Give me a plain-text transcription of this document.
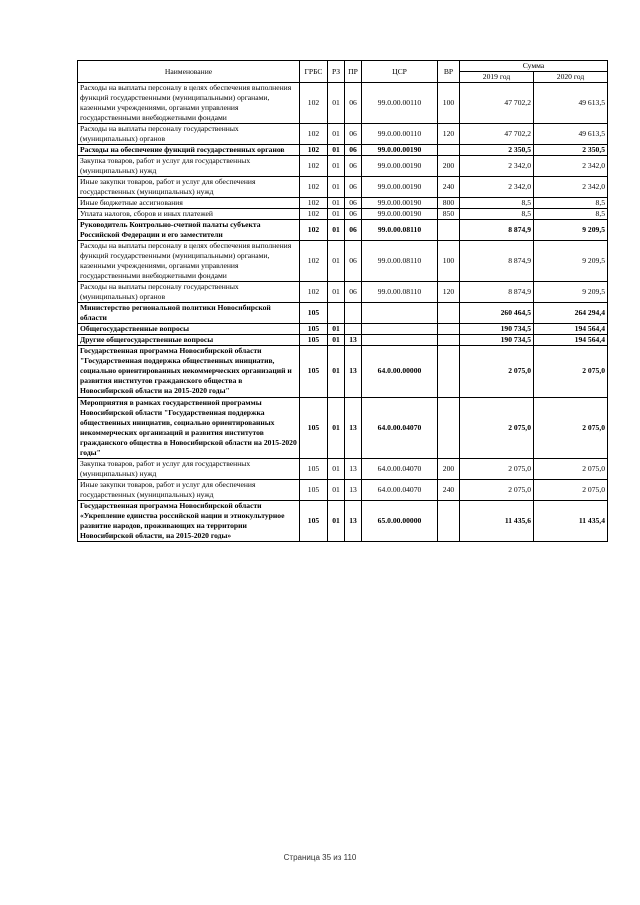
Наименование	ГРБС	РЗ	ПР	ЦСР	ВР	Сумма	
						2019 год	2020 год
Расходы на выплаты персоналу в целях обеспечения выполнения функций государственными (муниципальными) органами, казенными учреждениями, органами управления государственными внебюджетными фондами	102	01	06	99.0.00.00110	100	47 702,2	49 613,5
Расходы на выплаты персоналу государственных (муниципальных) органов	102	01	06	99.0.00.00110	120	47 702,2	49 613,5
Расходы на обеспечение функций государственных органов	102	01	06	99.0.00.00190		2 350,5	2 350,5
Закупка товаров, работ и услуг для государственных (муниципальных) нужд	102	01	06	99.0.00.00190	200	2 342,0	2 342,0
Иные закупки товаров, работ и услуг для обеспечения государственных (муниципальных) нужд	102	01	06	99.0.00.00190	240	2 342,0	2 342,0
Иные бюджетные ассигнования	102	01	06	99.0.00.00190	800	8,5	8,5
Уплата налогов, сборов и иных платежей	102	01	06	99.0.00.00190	850	8,5	8,5
Руководитель Контрольно-счетной палаты субъекта Российской Федерации и его заместители	102	01	06	99.0.00.08110		8 874,9	9 209,5
Расходы на выплаты персоналу в целях обеспечения выполнения функций государственными (муниципальными) органами, казенными учреждениями, органами управления государственными внебюджетными фондами	102	01	06	99.0.00.08110	100	8 874,9	9 209,5
Расходы на выплаты персоналу государственных (муниципальных) органов	102	01	06	99.0.00.08110	120	8 874,9	9 209,5
Министерство региональной политики Новосибирской области	105					260 464,5	264 294,4
Общегосударственные вопросы	105	01				190 734,5	194 564,4
Другие общегосударственные вопросы	105	01	13			190 734,5	194 564,4
Государственная программа Новосибирской области "Государственная поддержка общественных инициатив, социально ориентированных некоммерческих организаций и развития институтов гражданского общества в Новосибирской области на 2015-2020 годы"	105	01	13	64.0.00.00000		2 075,0	2 075,0
Мероприятия в рамках государственной программы Новосибирской области "Государственная поддержка общественных инициатив, социально ориентированных некоммерческих организаций и развития институтов гражданского общества в Новосибирской области на 2015-2020 годы"	105	01	13	64.0.00.04070		2 075,0	2 075,0
Закупка товаров, работ и услуг для государственных (муниципальных) нужд	105	01	13	64.0.00.04070	200	2 075,0	2 075,0
Иные закупки товаров, работ и услуг для обеспечения государственных (муниципальных) нужд	105	01	13	64.0.00.04070	240	2 075,0	2 075,0
Государственная программа Новосибирской области «Укрепление единства российской нации и этнокультурное развитие народов, проживающих на территории Новосибирской области, на 2015-2020 годы»	105	01	13	65.0.00.00000		11 435,6	11 435,4
Страница 35 из 110
